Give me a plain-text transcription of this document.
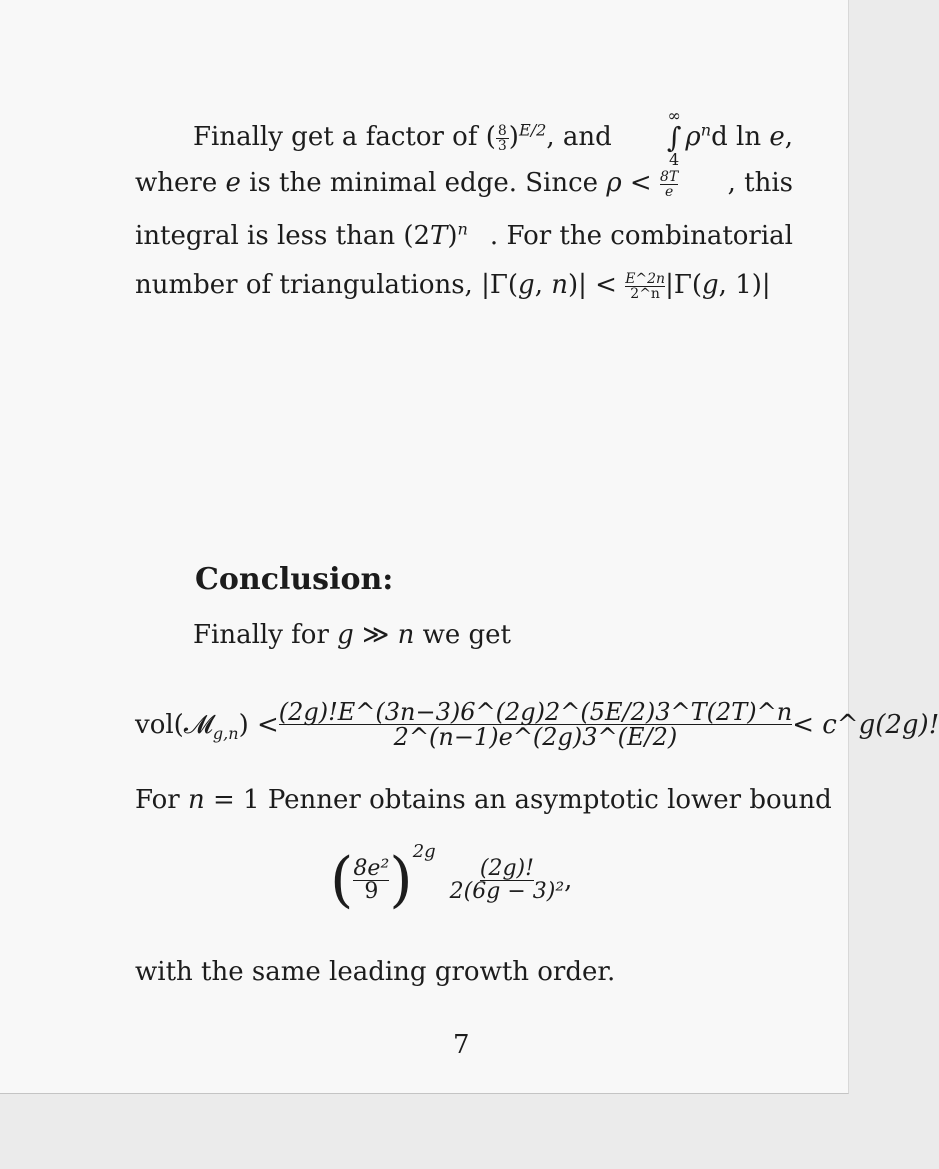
Finally get a factor of ( $\frac{8}{3} )^{E/2}$, and
∞
∫
4
$\rho^nd$ ln e,
where e is the minimal edge. Since $\rho < \frac{8T}{e}$ , this
integral is less than $(2T)^n$ . For the combinatorial
number of triangulations, |Γ(g, $n)| < \frac{E\^{}2n}{2\^{}n} |\Gamma(g$, 1)|
Conclusion:
Finally for g ≫ n we get
vol(𝓜$_{g,n}$) < $\frac{(2g)!E\^{}(3n-3)6\^{}(2g)2\^{}(5E/2)3\^{}T(2T)\^{}n}{2\^{}(n-1)e\^{}(2g)3\^{}(E/2)}$ < c^g(2g)!
For n = 1 Penner obtains an asymptotic lower bound
( $\frac{\text{8e²}}{9}$ ) 2g
$\frac{(2g)!}{\text{2(6g − 3)²}}$ ,
with the same leading growth order.
7
